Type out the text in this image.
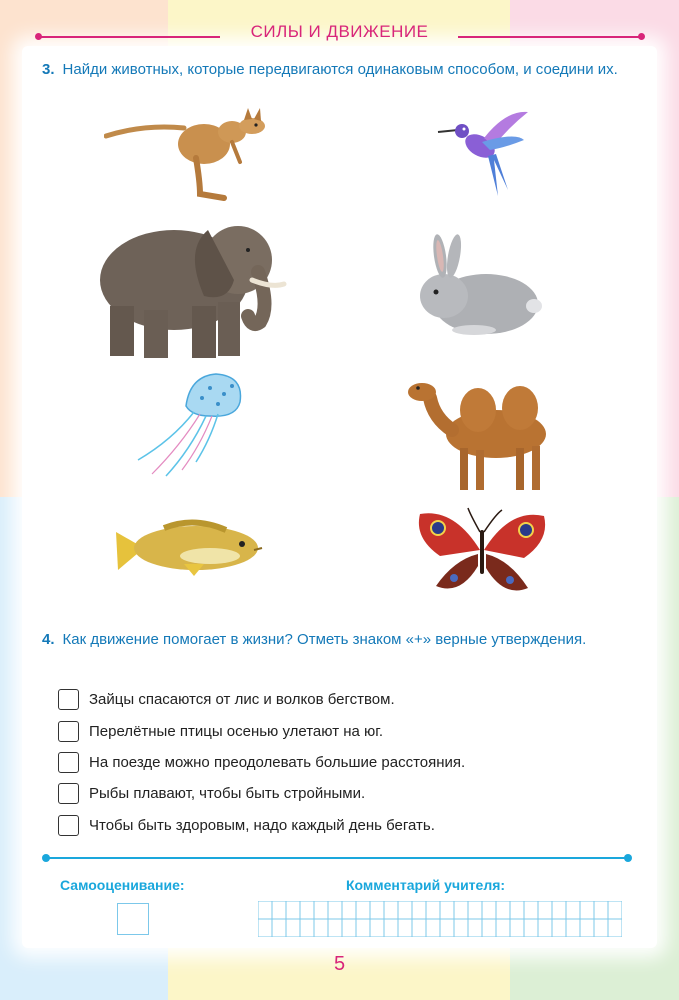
СИЛЫ И ДВИЖЕНИЕ
3. Найди животных, которые передвигаются одинаковым способом, и соедини их.
4. Как движение помогает в жизни? Отметь знаком «+» верные утверждения.
Зайцы спасаются от лис и волков бегством.
Перелётные птицы осенью улетают на юг.
На поезде можно преодолевать большие расстояния.
Рыбы плавают, чтобы быть стройными.
Чтобы быть здоровым, надо каждый день бегать.
Самооценивание:	Комментарий учителя:
5
